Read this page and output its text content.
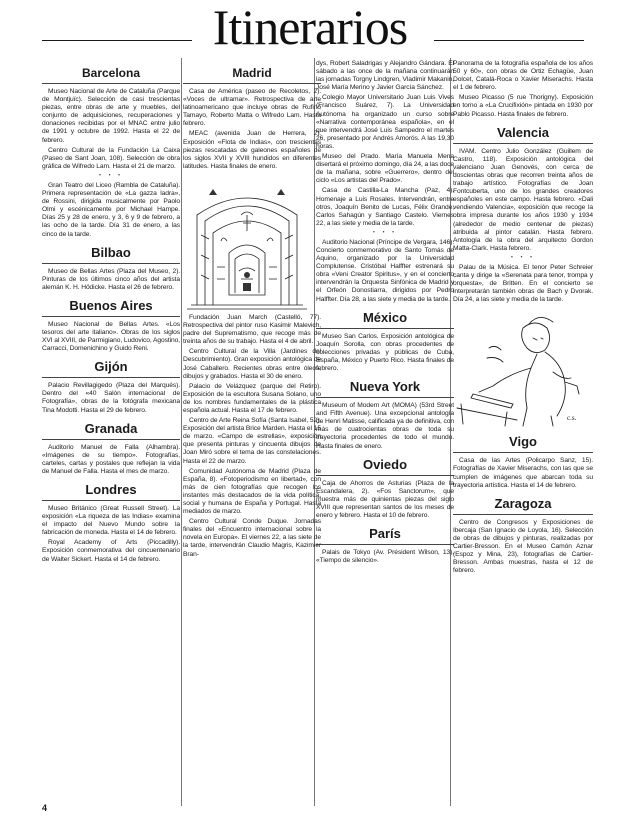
Itinerarios
Barcelona

Museo Nacional de Arte de Cataluña (Parque de Montjuïc). Selección de casi trescientas piezas, entre obras de arte y muebles, del conjunto de adquisiciones, recuperaciones y donaciones recibidas por el MNAC entre julio de 1991 y octubre de 1992. Hasta el 22 de febrero.

Centro Cultural de la Fundación La Caixa (Paseo de Sant Joan, 108). Selección de obra gráfica de Wifredo Lam. Hasta el 21 de marzo.

• • •

Gran Teatro del Liceo (Rambla de Cataluña). Primera representación de «La gazza ladra», de Rossini, dirigida musicalmente por Paolo Olmi y escénicamente por Michael Hampe. Días 25 y 28 de enero, y 3, 6 y 9 de febrero, a las ocho de la tarde. Día 31 de enero, a las cinco de la tarde.

Bilbao

Museo de Bellas Artes (Plaza del Museo, 2). Pinturas de los últimos cinco años del artista alemán K. H. Hödicke. Hasta el 26 de febrero.

Buenos Aires

Museo Nacional de Bellas Artes. «Los tesoros del arte italiano». Obras de los siglos XVI al XVIII, de Parmigiano, Ludovico, Agostino, Carracci, Domenichino y Guido Reni.

Gijón

Palacio Revillagigedo (Plaza del Marqués). Dentro del «40 Salón internacional de Fotografía», obras de la fotógrafa mexicana Tina Modotti. Hasta el 29 de febrero.

Granada

Auditorio Manuel de Falla (Alhambra). «Imágenes de su tiempo». Fotografías, carteles, cartas y postales que reflejan la vida de Manuel de Falla. Hasta el mes de marzo.

Londres

Museo Británico (Great Russell Street). La exposición «La riqueza de las Indias» examina el impacto del Nuevo Mundo sobre la fabricación de moneda. Hasta el 14 de febrero.

Royal Academy of Arts (Piccadilly). Exposición conmemorativa del cincuentenario de Walter Sickert. Hasta el 14 de febrero.

Madrid

Casa de América (paseo de Recoletos, 2). «Voces de ultramar». Retrospectiva de arte latinoamericano que incluye obras de Rufino Tamayo, Roberto Matta o Wifredo Lam. Hasta febrero.

MEAC (avenida Juan de Herrera, 2). Exposición «Flota de Indias», con trescientas piezas rescatadas de galeones españoles de los siglos XVII y XVIII hundidos en diferentes latitudes. Hasta finales de enero.

Fundación Juan March (Castelló, 77). Retrospectiva del pintor ruso Kasimir Malevich, padre del Suprematismo, que recoge más de treinta años de su trabajo. Hasta el 4 de abril.

Centro Cultural de la Villa (Jardines del Descubrimiento). Gran exposición antológica de José Caballero. Recientes obras entre óleos, dibujos y grabados. Hasta el 30 de enero.

Palacio de Velázquez (parque del Retiro). Exposición de la escultora Susana Solano, uno de los nombres fundamentales de la plástica española actual. Hasta el 17 de febrero.

Centro de Arte Reina Sofía (Santa Isabel, 52). Exposición del artista Brice Marden. Hasta el 15 de marzo. «Campo de estrellas», exposición que presenta pinturas y cincuenta dibujos de Joan Miró sobre el tema de las constelaciones. Hasta el 22 de marzo.

Comunidad Autónoma de Madrid (Plaza de España, 8). «Fotoperiodismo en libertad», con más de cien fotografías que recogen los instantes más destacados de la vida política, social y humana de España y Portugal. Hasta mediados de marzo.

Centro Cultural Conde Duque. Jornadas finales del «Encuentro internacional sobre la novela en Europa». El viernes 22, a las siete de la tarde, intervendrán Claudio Magris, Kazimier Bran-

dys, Robert Saladrigas y Alejandro Gándara. El sábado a las once de la mañana continuarán las jornadas Torgny Lindgren, Vladimir Makanin, José María Merino y Javier García Sánchez.

Colegio Mayor Universitario Juan Luis Vives (Francisco Suárez, 7). La Universidad Autónoma ha organizado un curso sobre «Narrativa contemporánea española», en el que intervendrá José Luis Sampedro el martes 26, presentado por Andrés Amorós. A las 19,30 horas.

Museo del Prado. María Manuela Mena disertará el próximo domingo, día 24, a las doce de la mañana, sobre «Guerrero», dentro del ciclo «Los artistas del Prado».

Casa de Castilla-La Mancha (Paz, 4). Homenaje a Luis Rosales. Intervendrán, entre otros, Joaquín Benito de Lucas, Félix Grande, Carlos Sahagún y Santiago Castelo. Viernes 22, a las siete y media de la tarde.

• • •

Auditorio Nacional (Príncipe de Vergara, 146). Concierto conmemorativo de Santo Tomás de Aquino, organizado por la Universidad Complutense. Cristóbal Halffter estrenará su obra «Veni Creator Spiritus», y en el concierto intervendrán la Orquesta Sinfónica de Madrid y el Orfeón Donostiarra, dirigidos por Pedro Halffter. Día 28, a las siete y media de la tarde.

México

Museo San Carlos. Exposición antológica de Joaquín Sorolla, con obras procedentes de colecciones privadas y públicas de Cuba, España, México y Puerto Rico. Hasta finales de febrero.

Nueva York

Museum of Modern Art (MOMA) (53rd Street and Fifth Avenue). Una excepcional antología de Henri Matisse, calificada ya de definitiva, con más de cuatrocientas obras de toda su trayectoria procedentes de todo el mundo. Hasta finales de enero.

Oviedo

Caja de Ahorros de Asturias (Plaza de la Escandalera, 2). «Fos Sanctorum», que muestra más de quinientas piezas del siglo XVIII que representan santos de los meses de enero y febrero. Hasta el 10 de febrero.

París

Palais de Tokyo (Av. Président Wilson, 13). «Tiempo de silencio».

Panorama de la fotografía española de los años 50 y 60», con obras de Ortiz Echagüe, Juan Dolcet, Catalá-Roca o Xavier Miserachs. Hasta el 1 de febrero.

Museo Picasso (5 rue Thorigny). Exposición en torno a «La Crucifixión» pintada en 1930 por Pablo Picasso. Hasta finales de febrero.

Valencia

IVAM. Centro Julio González (Guillem de Castro, 118). Exposición antológica del valenciano Juan Genovés, con cerca de doscientas obras que recorren treinta años de trabajo artístico. Fotografías de Joan Fontcuberta, uno de los grandes creadores españoles en este campo. Hasta febrero. «Dali vendiendo Valencia», exposición que recoge la obra impresa durante los años 1930 y 1934 (alrededor de medio centenar de piezas) atribuida al pintor catalán. Hasta febrero. Antología de la obra del arquitecto Gordon Matta-Clark. Hasta febrero.

• • •

Palau de la Música. El tenor Peter Schreier canta y dirige la «Serenata para tenor, trompa y orquesta», de Britten. En el concierto se interpretarán también obras de Bach y Dvorak. Día 24, a las siete y media de la tarde.

c.s.
Vigo

Casa de las Artes (Policarpo Sanz, 15). Fotografías de Xavier Miserachs, con las que se cumplen de imágenes que abarcan toda su trayectoria artística. Hasta el 14 de febrero.

Zaragoza

Centro de Congresos y Exposiciones de Ibercaja (San Ignacio de Loyola, 16). Selección de obras de dibujos y pinturas, realizadas por Cartier-Bresson. En el Museo Camón Aznar (Espoz y Mina, 23), fotografías de Cartier-Bresson. Ambas muestras, hasta el 12 de febrero.

4
